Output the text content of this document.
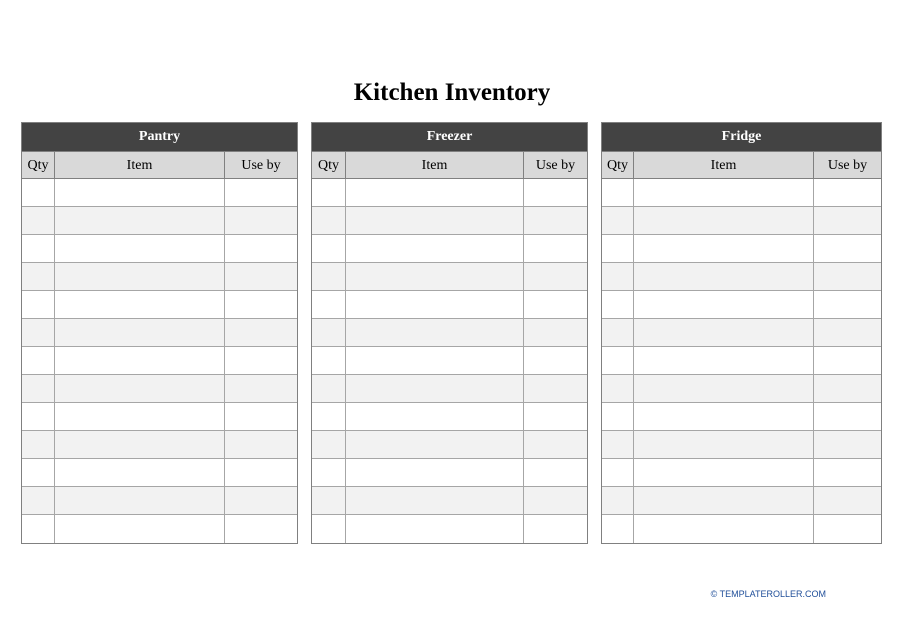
Kitchen Inventory
Pantry
Qty	Item	Use by
Freezer
Qty	Item	Use by
Fridge
Qty	Item	Use by
© TEMPLATEROLLER.COM
